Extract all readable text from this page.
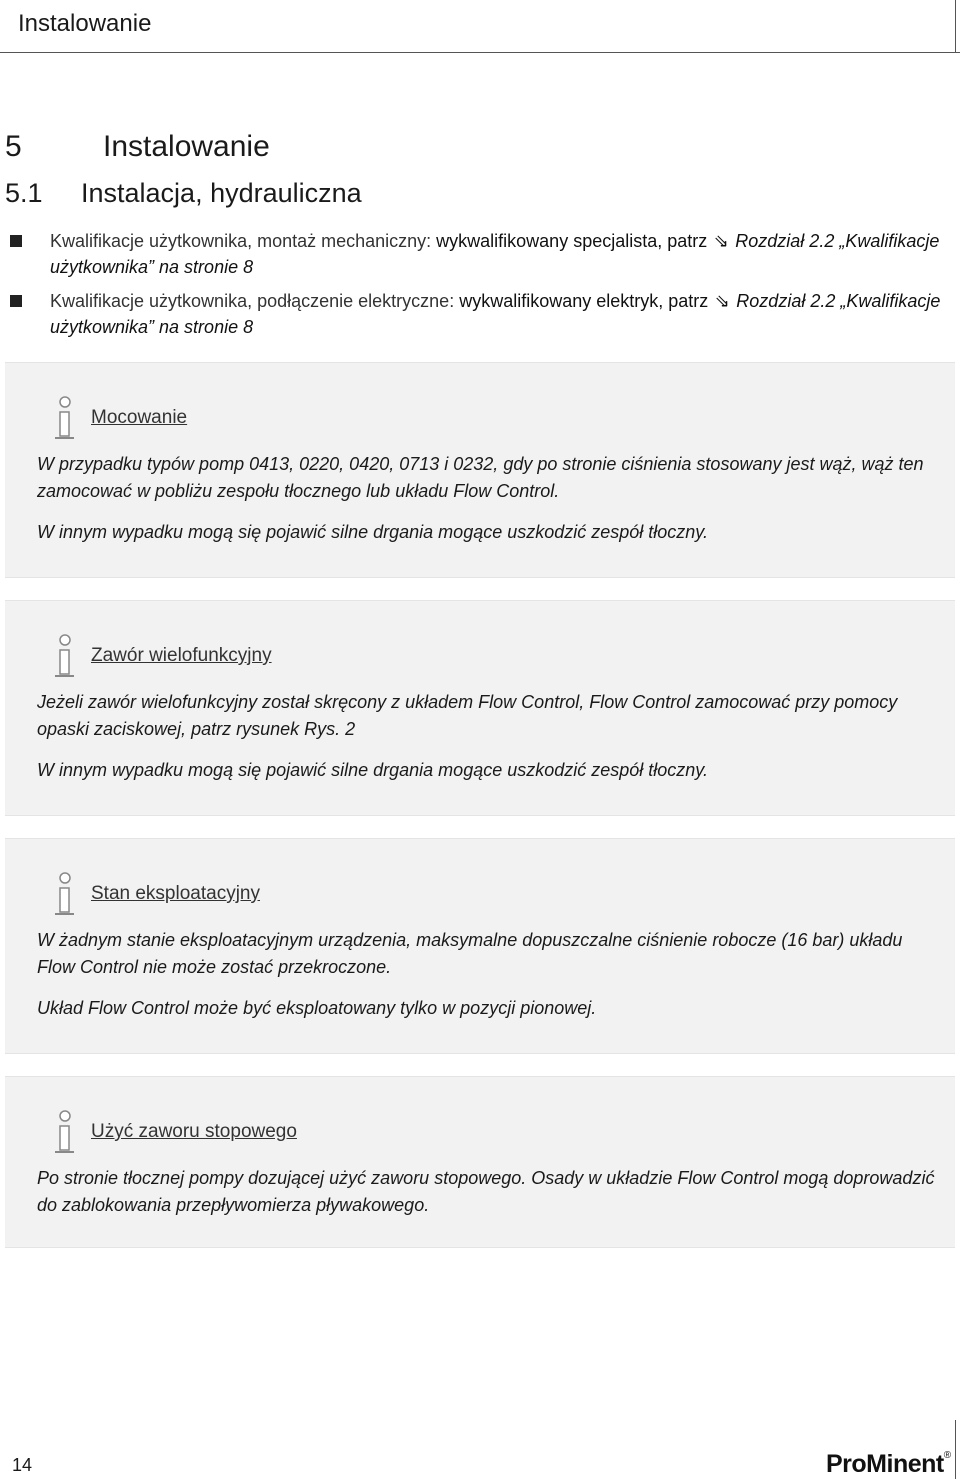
Instalowanie
5	Instalowanie
5.1 Instalacja, hydrauliczna
Kwalifikacje użytkownika, montaż mechaniczny: wykwalifikowany specjalista, patrz ⇘ Rozdział 2.2 „Kwalifikacje użytkownika” na stronie 8
Kwalifikacje użytkownika, podłączenie elektryczne: wykwalifikowany elektryk, patrz ⇘ Rozdział 2.2 „Kwalifikacje użytkownika” na stronie 8
Mocowanie

W przypadku typów pomp 0413, 0220, 0420, 0713 i 0232, gdy po stronie ciśnienia stosowany jest wąż, wąż ten zamocować w pobliżu zespołu tłocznego lub układu Flow Control.

W innym wypadku mogą się pojawić silne drgania mogące uszkodzić zespół tłoczny.

Zawór wielofunkcyjny

Jeżeli zawór wielofunkcyjny został skręcony z układem Flow Control, Flow Control zamocować przy pomocy opaski zaciskowej, patrz rysunek Rys. 2

W innym wypadku mogą się pojawić silne drgania mogące uszkodzić zespół tłoczny.

Stan eksploatacyjny

W żadnym stanie eksploatacyjnym urządzenia, maksymalne dopuszczalne ciśnienie robocze (16 bar) układu Flow Control nie może zostać przekroczone.

Układ Flow Control może być eksploatowany tylko w pozycji pionowej.

Użyć zaworu stopowego

Po stronie tłocznej pompy dozującej użyć zaworu stopowego. Osady w układzie Flow Control mogą doprowadzić do zablokowania przepływomierza pływakowego.

14	ProMinent®
